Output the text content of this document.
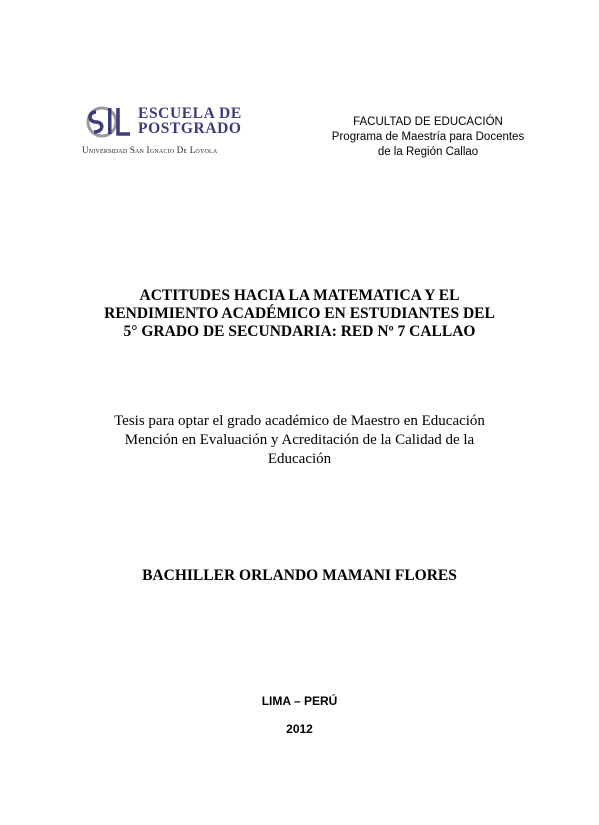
ESCUELA DE
POSTGRADO
Universidad San Ignacio De Loyola
FACULTAD DE EDUCACIÓN
Programa de Maestría para Docentes
de la Región Callao
ACTITUDES HACIA LA MATEMATICA Y EL
RENDIMIENTO ACADÉMICO EN ESTUDIANTES DEL
5° GRADO DE SECUNDARIA: RED Nº 7 CALLAO
Tesis para optar el grado académico de Maestro en Educación
Mención en Evaluación y Acreditación de la Calidad de la
Educación
BACHILLER ORLANDO MAMANI FLORES
LIMA – PERÚ
2012
